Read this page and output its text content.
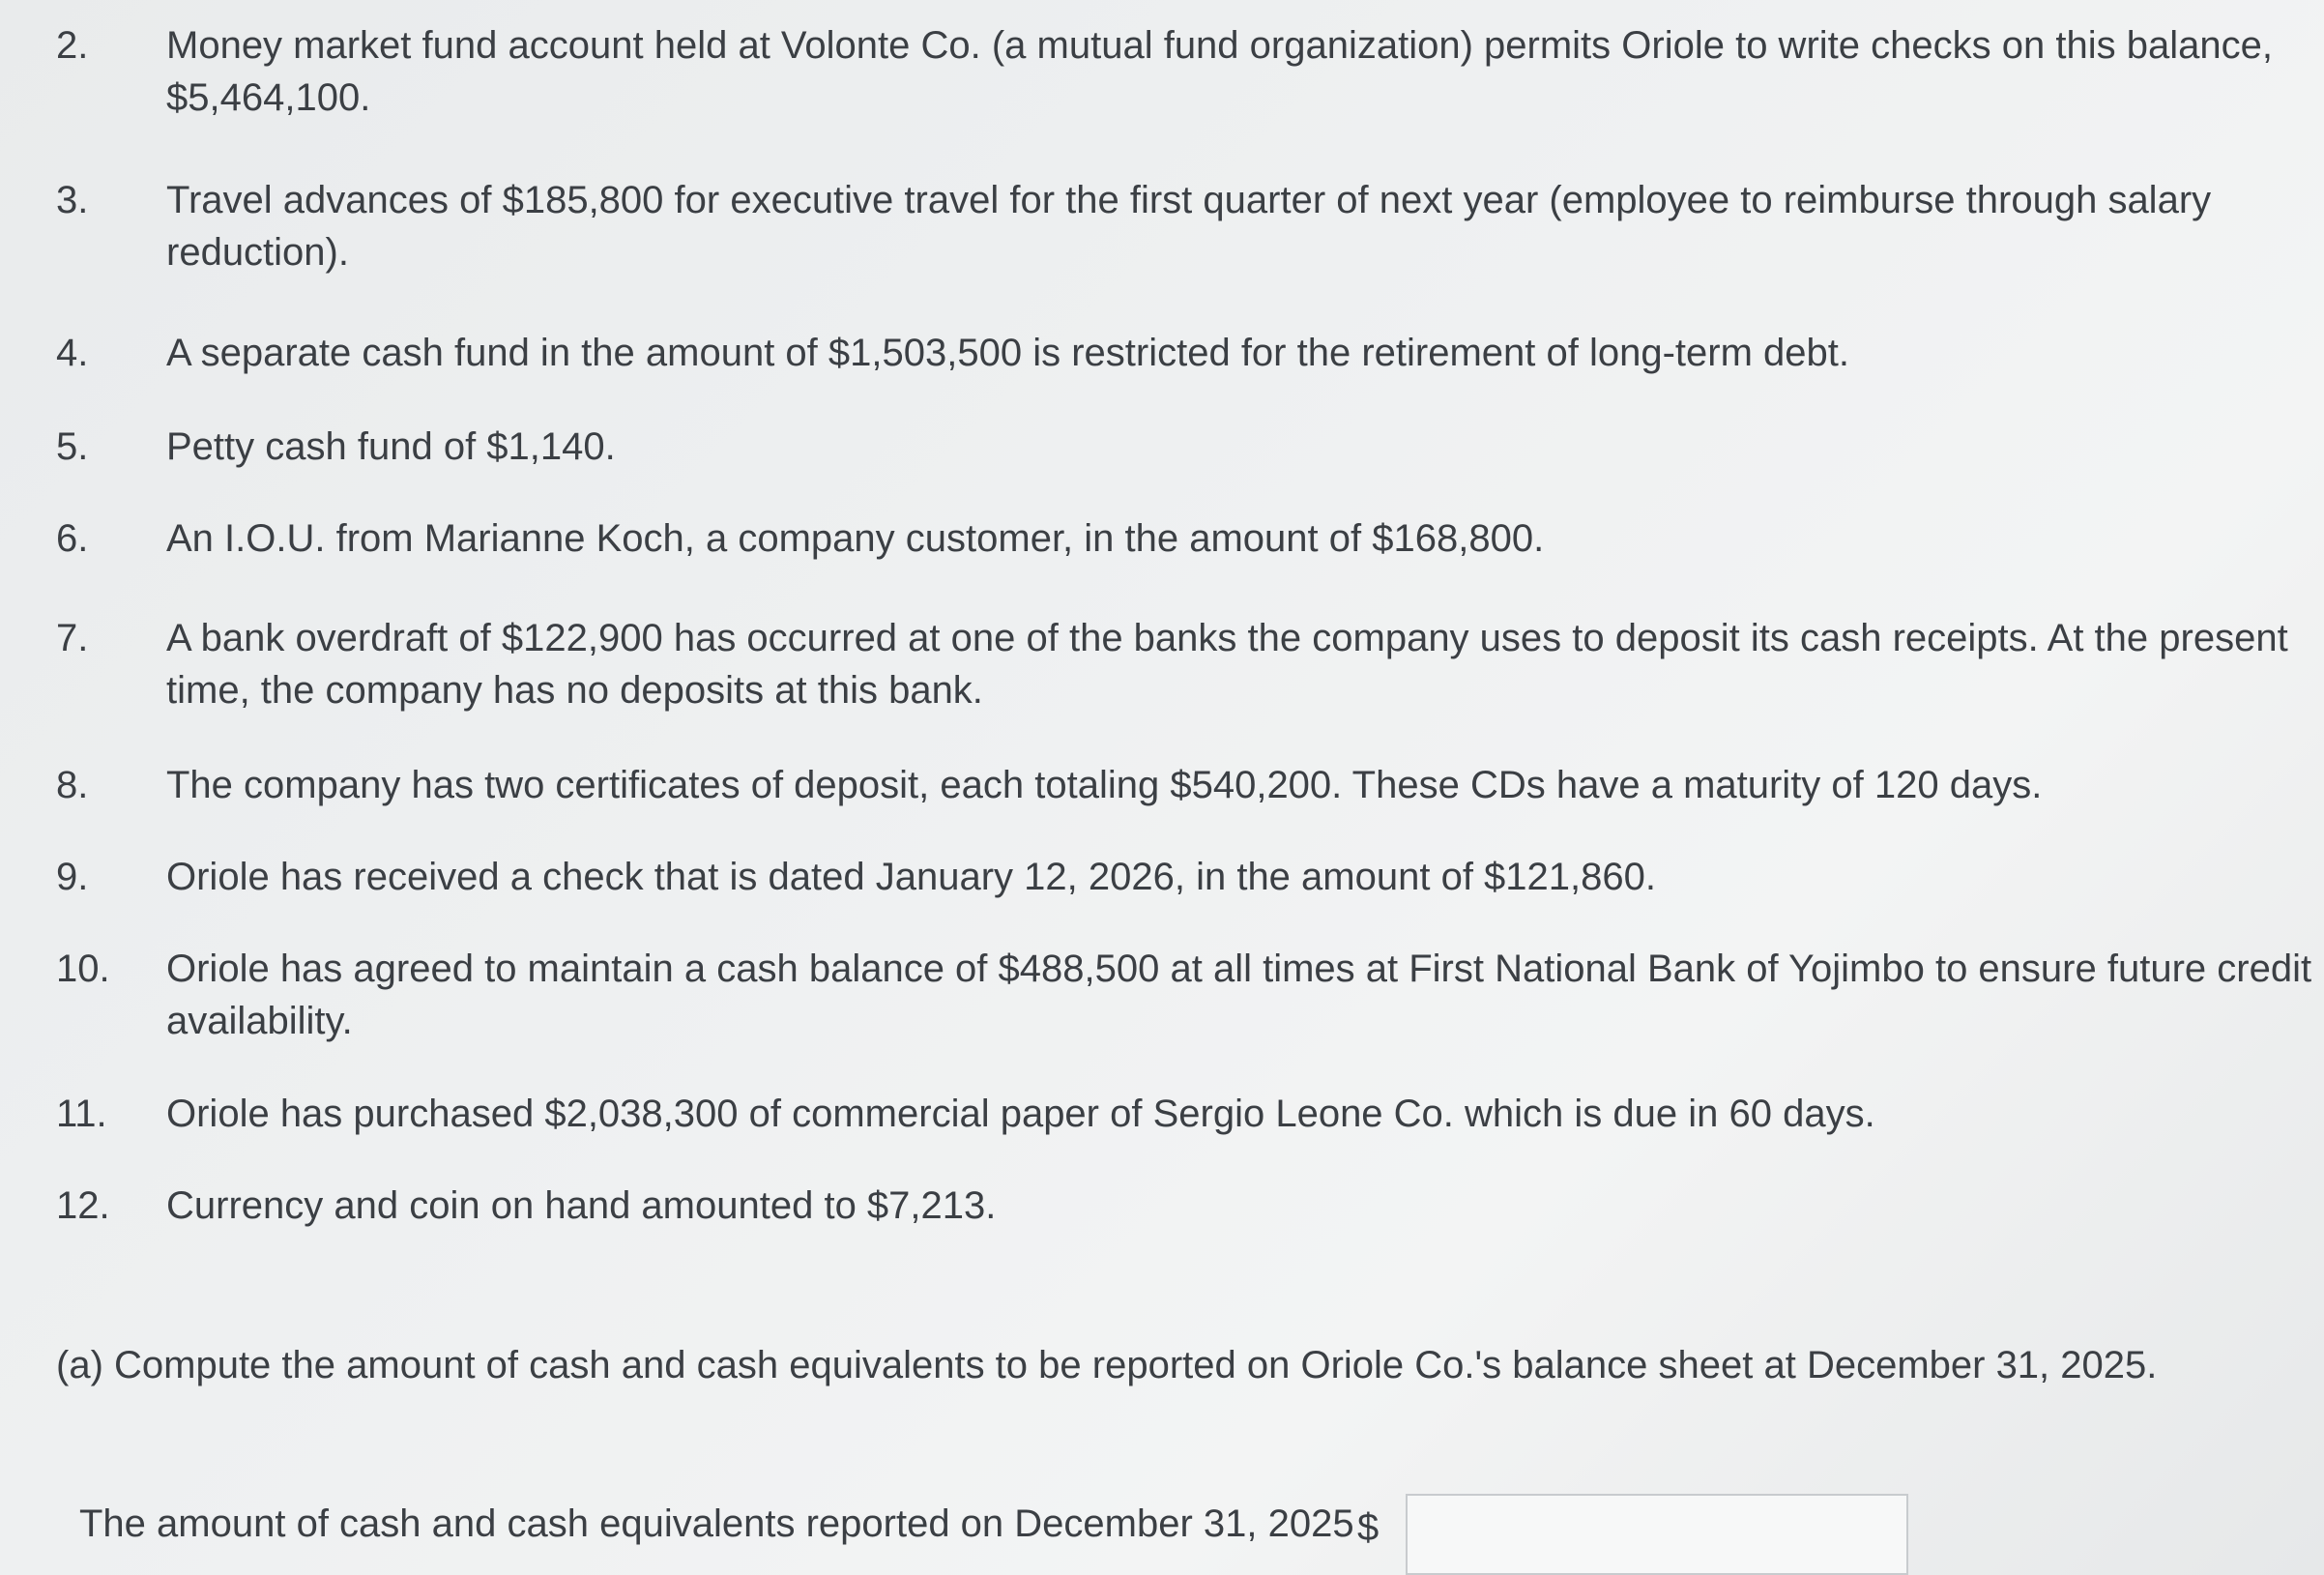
2.	Money market fund account held at Volonte Co. (a mutual fund organization) permits Oriole to write checks on this balance, $5,464,100.
3.	Travel advances of $185,800 for executive travel for the first quarter of next year (employee to reimburse through salary reduction).
4.	A separate cash fund in the amount of $1,503,500 is restricted for the retirement of long-term debt.
5.	Petty cash fund of $1,140.
6.	An I.O.U. from Marianne Koch, a company customer, in the amount of $168,800.
7.	A bank overdraft of $122,900 has occurred at one of the banks the company uses to deposit its cash receipts. At the present time, the company has no deposits at this bank.
8.	The company has two certificates of deposit, each totaling $540,200. These CDs have a maturity of 120 days.
9.	Oriole has received a check that is dated January 12, 2026, in the amount of $121,860.
10.	Oriole has agreed to maintain a cash balance of $488,500 at all times at First National Bank of Yojimbo to ensure future credit availability.
11.	Oriole has purchased $2,038,300 of commercial paper of Sergio Leone Co. which is due in 60 days.
12.	Currency and coin on hand amounted to $7,213.
(a) Compute the amount of cash and cash equivalents to be reported on Oriole Co.'s balance sheet at December 31, 2025.
The amount of cash and cash equivalents reported on December 31, 2025 $
